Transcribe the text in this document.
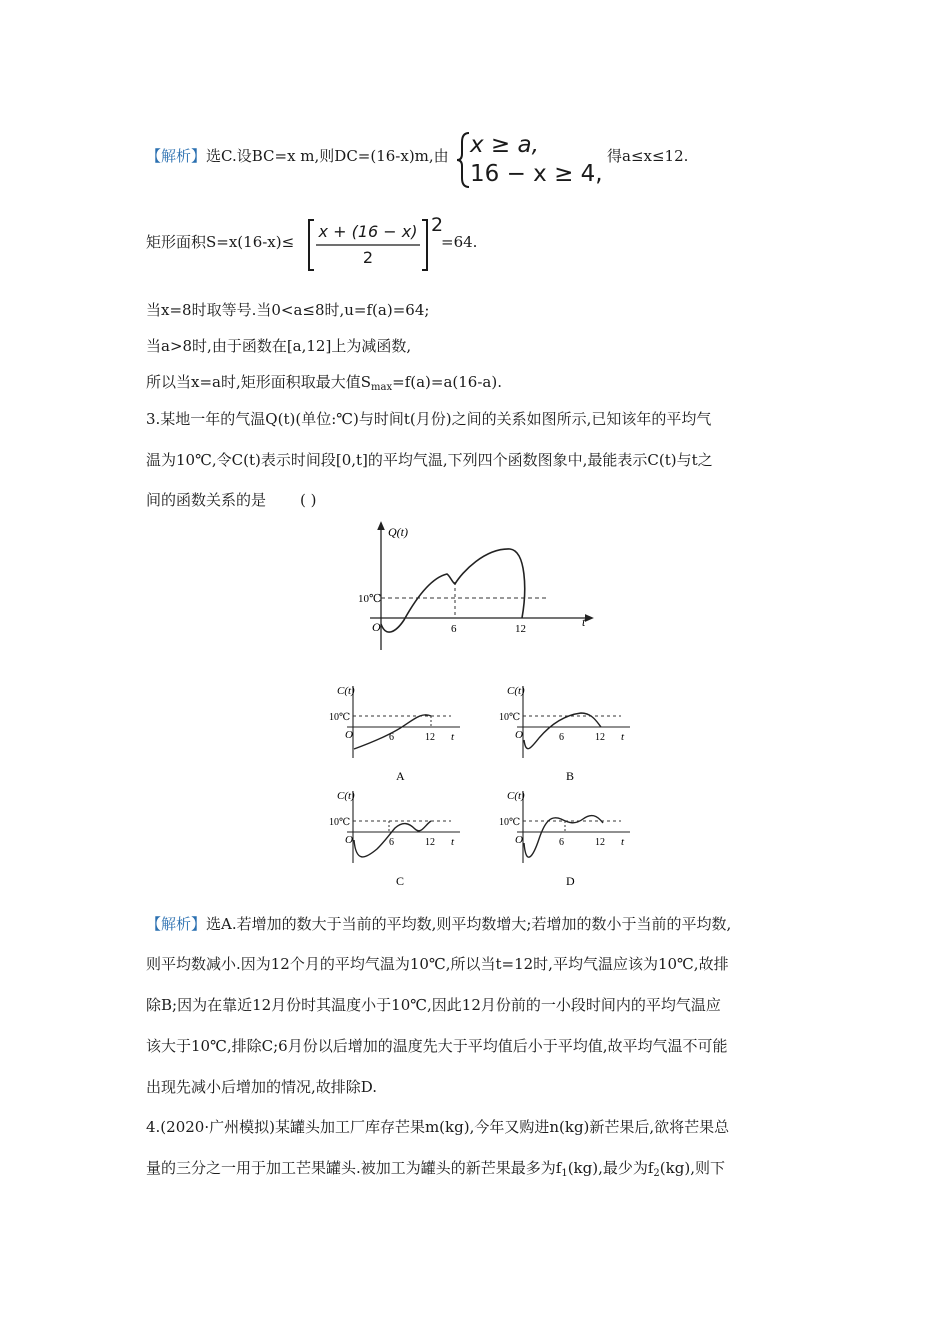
【解析】选C.设BC=x m,则DC=(16-x)m,由 x ≥ a,
16 − x ≥ 4,
得a≤x≤12.
矩形面积S=x(16-x)≤
x + (16 − x)
2
2
=64.
当x=8时取等号.当0<a≤8时,u=f(a)=64;
当a>8时,由于函数在[a,12]上为减函数,
所以当x=a时,矩形面积取最大值$S_{max}=f(a)=a(16-a)$.
3.某地一年的气温Q(t)(单位:℃)与时间t(月份)之间的关系如图所示,已知该年的平均气
温为10℃,令C(t)表示时间段[0,t]的平均气温,下列四个函数图象中,最能表示C(t)与t之
间的函数关系的是 ( )
Q(t)
t
O
10℃
6	12
C(t)
10℃
O	6	12 t
A
C(t)
10℃
O	6	12 t
B
C(t)
10℃
O	6	12 t
C
C(t)
10℃
O	6	12 t
D
【解析】选A.若增加的数大于当前的平均数,则平均数增大;若增加的数小于当前的平均数,
则平均数减小.因为12个月的平均气温为10℃,所以当t=12时,平均气温应该为10℃,故排
除B;因为在靠近12月份时其温度小于10℃,因此12月份前的一小段时间内的平均气温应
该大于10℃,排除C;6月份以后增加的温度先大于平均值后小于平均值,故平均气温不可能
出现先减小后增加的情况,故排除D.
4.(2020·广州模拟)某罐头加工厂库存芒果m(kg),今年又购进n(kg)新芒果后,欲将芒果总
量的三分之一用于加工芒果罐头.被加工为罐头的新芒果最多为$f_1(kg)$,最少为$f_2(kg)$,则下
